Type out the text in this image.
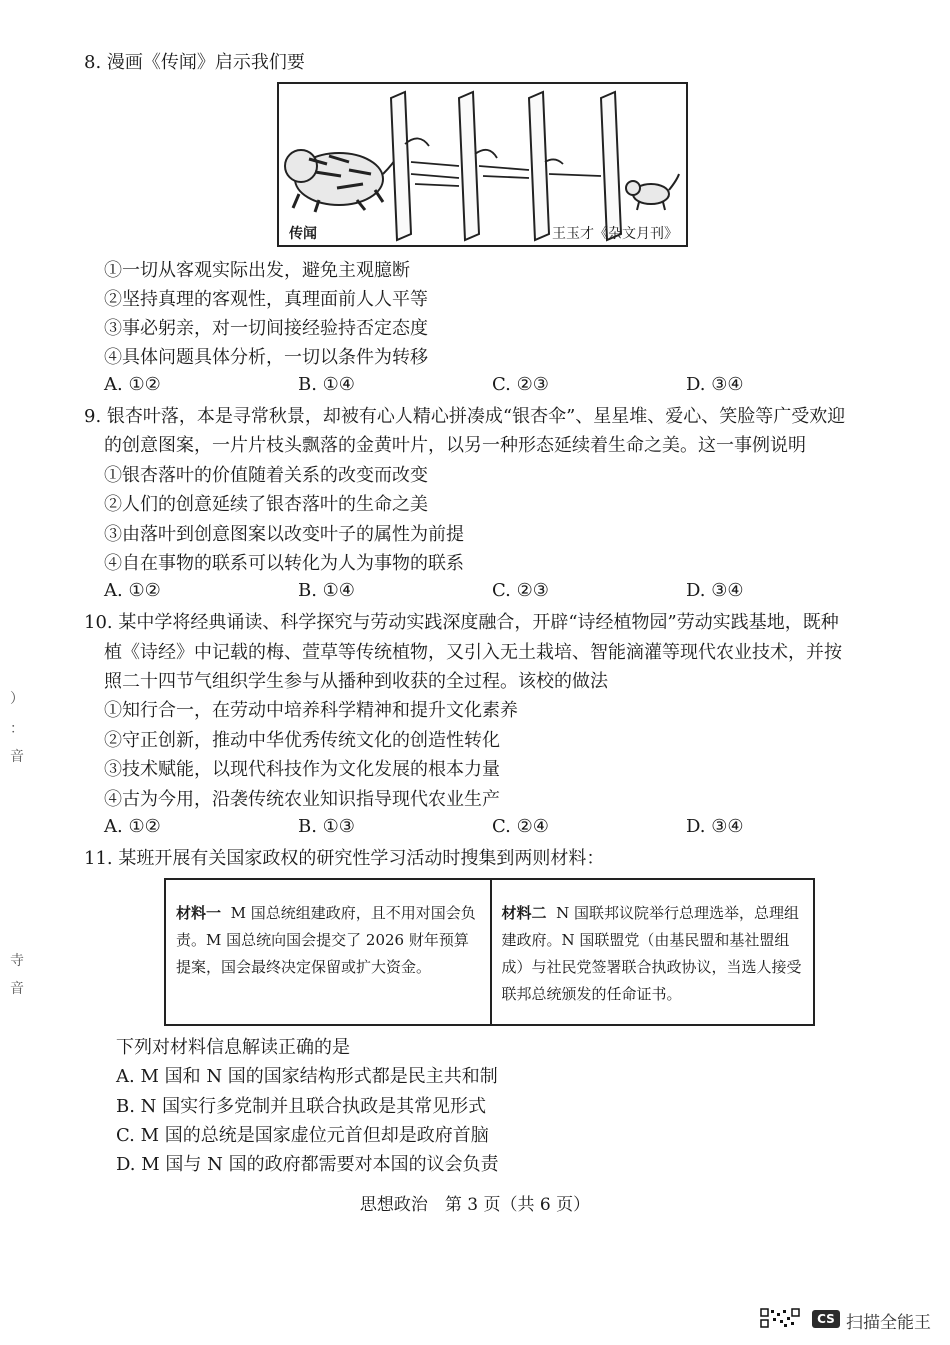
8. 漫画《传闻》启示我们要
传闻	王玉才《杂文月刊》
①一切从客观实际出发，避免主观臆断
②坚持真理的客观性，真理面前人人平等
③事必躬亲，对一切间接经验持否定态度
④具体问题具体分析，一切以条件为转移
A. ①②	B. ①④	C. ②③	D. ③④
9. 银杏叶落，本是寻常秋景，却被有心人精心拼凑成“银杏伞”、星星堆、爱心、笑脸等广受欢迎
的创意图案，一片片枝头飘落的金黄叶片，以另一种形态延续着生命之美。这一事例说明
①银杏落叶的价值随着关系的改变而改变
②人们的创意延续了银杏落叶的生命之美
③由落叶到创意图案以改变叶子的属性为前提
④自在事物的联系可以转化为人为事物的联系
A. ①②	B. ①④	C. ②③	D. ③④
10. 某中学将经典诵读、科学探究与劳动实践深度融合，开辟“诗经植物园”劳动实践基地，既种
植《诗经》中记载的梅、萱草等传统植物，又引入无土栽培、智能滴灌等现代农业技术，并按
照二十四节气组织学生参与从播种到收获的全过程。该校的做法
①知行合一，在劳动中培养科学精神和提升文化素养
②守正创新，推动中华优秀传统文化的创造性转化
③技术赋能，以现代科技作为文化发展的根本力量
④古为今用，沿袭传统农业知识指导现代农业生产
A. ①②	B. ①③	C. ②④	D. ③④
11. 某班开展有关国家政权的研究性学习活动时搜集到两则材料：
材料一 M 国总统组建政府，且不用对国会负责。M 国总统向国会提交了 2026 财年预算提案，国会最终决定保留或扩大资金。
材料二 N 国联邦议院举行总理选举，总理组建政府。N 国联盟党（由基民盟和基社盟组成）与社民党签署联合执政协议，当选人接受联邦总统颁发的任命证书。
下列对材料信息解读正确的是
A. M 国和 N 国的国家结构形式都是民主共和制
B. N 国实行多党制并且联合执政是其常见形式
C. M 国的总统是国家虚位元首但却是政府首脑
D. M 国与 N 国的政府都需要对本国的议会负责
思想政治　第 3 页（共 6 页）
）
：
音
寺
音
CS 扫描全能王
